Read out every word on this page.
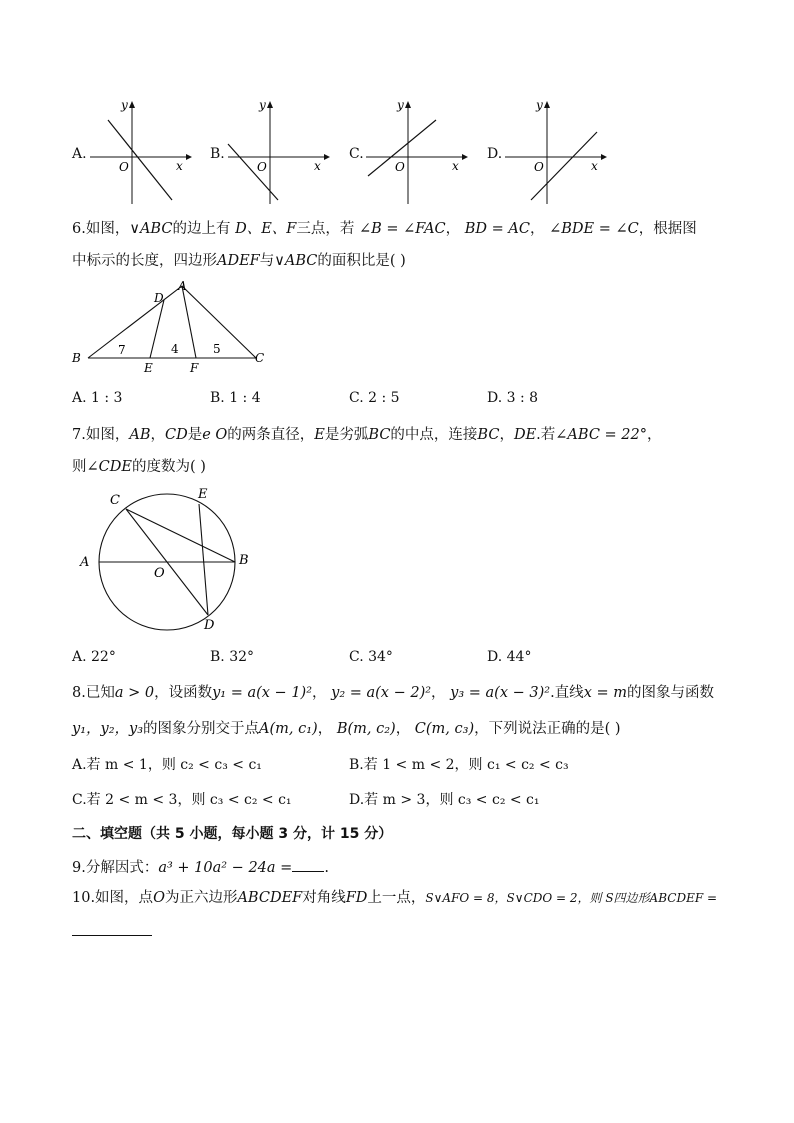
A.	B.	C.	D.
y
x
O
y
x
O
y
x
O
y
x
O
6.如图，∨ABC的边上有 D、E、F三点，若 ∠B = ∠FAC， BD = AC， ∠BDE = ∠C，根据图
中标示的长度，四边形ADEF与∨ABC的面积比是( )
A
B	C
D
E	F
7	4	5
A. 1 : 3	B. 1 : 4	C. 2 : 5	D. 3 : 8
7.如图，AB，CD是e O的两条直径，E是劣弧BC的中点，连接BC，DE.若∠ABC = 22°，
则∠CDE的度数为( )
A	B
C
D
E
O
A. 22°	B. 32°	C. 34°	D. 44°
8.已知a > 0，设函数y₁ = a(x − 1)²， y₂ = a(x − 2)²， y₃ = a(x − 3)².直线x = m的图象与函数
y₁，y₂，y₃的图象分别交于点A(m, c₁)， B(m, c₂)， C(m, c₃)，下列说法正确的是( )
A.若 m < 1，则 c₂ < c₃ < c₁	B.若 1 < m < 2，则 c₁ < c₂ < c₃
C.若 2 < m < 3，则 c₃ < c₂ < c₁	D.若 m > 3，则 c₃ < c₂ < c₁
二、填空题（共 5 小题，每小题 3 分，计 15 分）
9.分解因式：a³ + 10a² − 24a = .
10.如图，点O为正六边形ABCDEF对角线FD上一点，S∨AFO = 8，S∨CDO = 2，则 S四边形ABCDEF =
